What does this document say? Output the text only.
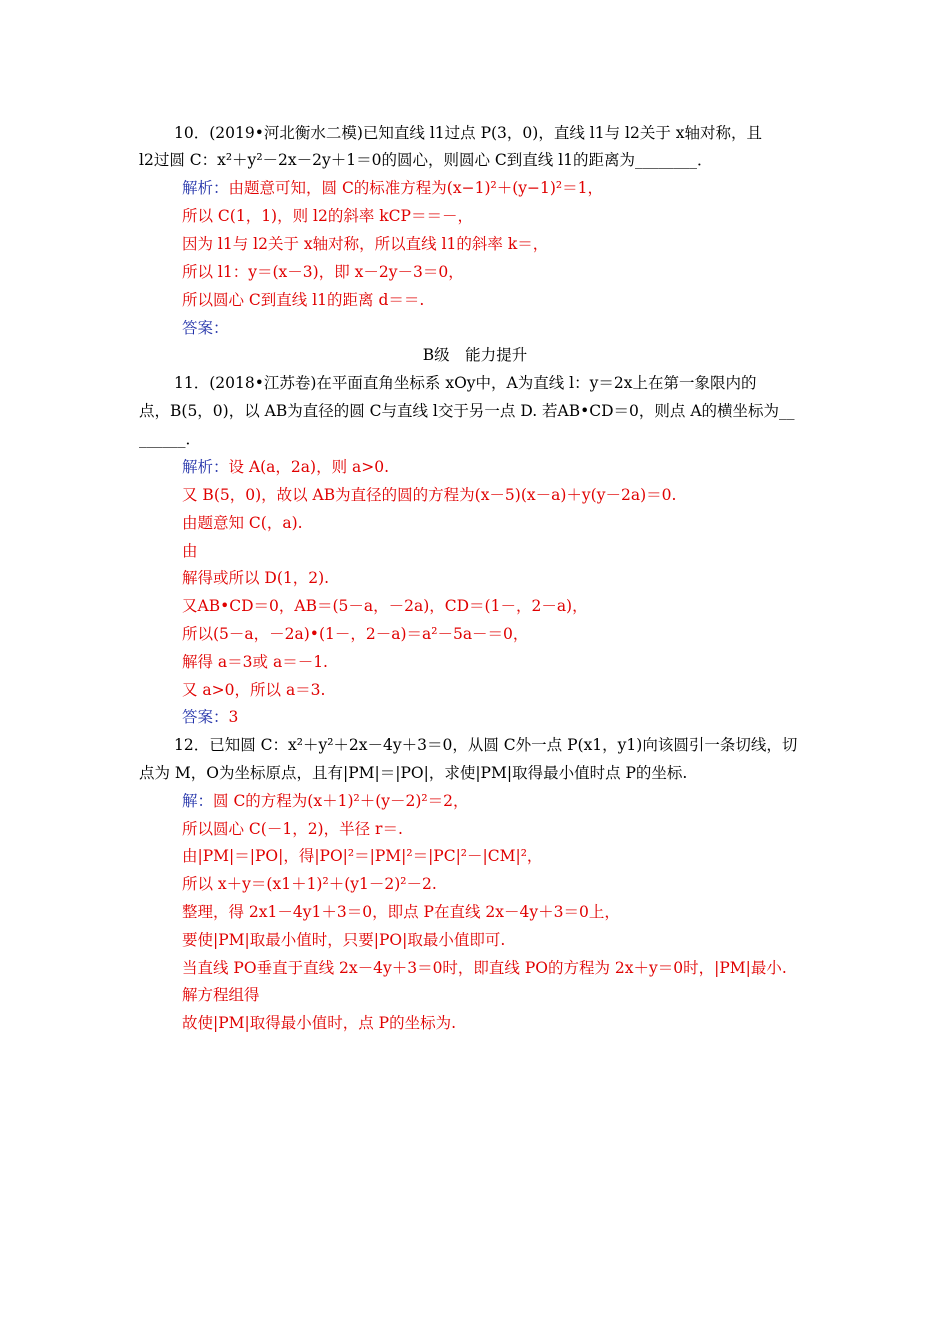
10．(2019•河北衡水二模)已知直线 l1过点 P(3，0)，直线 l1与 l2关于 x轴对称，且
l2过圆 C：x²＋y²－2x－2y＋1＝0的圆心，则圆心 C到直线 l1的距离为________．
解析：由题意可知，圆 C的标准方程为(x−1)²＋(y−1)²＝1，
所以 C(1，1)，则 l2的斜率 kCP＝＝－，
因为 l1与 l2关于 x轴对称，所以直线 l1的斜率 k＝，
所以 l1：y＝(x－3)，即 x－2y－3＝0，
所以圆心 C到直线 l1的距离 d＝＝.
答案：
B级　能力提升
11．(2018•江苏卷)在平面直角坐标系 xOy中，A为直线 l：y＝2x上在第一象限内的
点，B(5，0)，以 AB为直径的圆 C与直线 l交于另一点 D. 若AB•CD＝0，则点 A的横坐标为__
______．
解析：设 A(a，2a)，则 a>0.
又 B(5，0)，故以 AB为直径的圆的方程为(x－5)(x－a)＋y(y－2a)＝0.
由题意知 C(，a).
由
解得或所以 D(1，2).
又AB•CD＝0，AB＝(5－a，－2a)，CD＝(1－，2－a)，
所以(5－a，－2a)•(1－，2－a)＝a²－5a－＝0，
解得 a＝3或 a＝－1.
又 a>0，所以 a＝3.
答案：3
12．已知圆 C：x²＋y²＋2x－4y＋3＝0，从圆 C外一点 P(x1，y1)向该圆引一条切线，切
点为 M，O为坐标原点，且有|PM|＝|PO|，求使|PM|取得最小值时点 P的坐标.
解：圆 C的方程为(x＋1)²＋(y－2)²＝2，
所以圆心 C(－1，2)，半径 r＝.
由|PM|＝|PO|，得|PO|²＝|PM|²＝|PC|²－|CM|²，
所以 x＋y＝(x1＋1)²＋(y1－2)²－2.
整理，得 2x1－4y1＋3＝0，即点 P在直线 2x－4y＋3＝0上，
要使|PM|取最小值时，只要|PO|取最小值即可.
当直线 PO垂直于直线 2x－4y＋3＝0时，即直线 PO的方程为 2x＋y＝0时，|PM|最小.
解方程组得
故使|PM|取得最小值时，点 P的坐标为.
